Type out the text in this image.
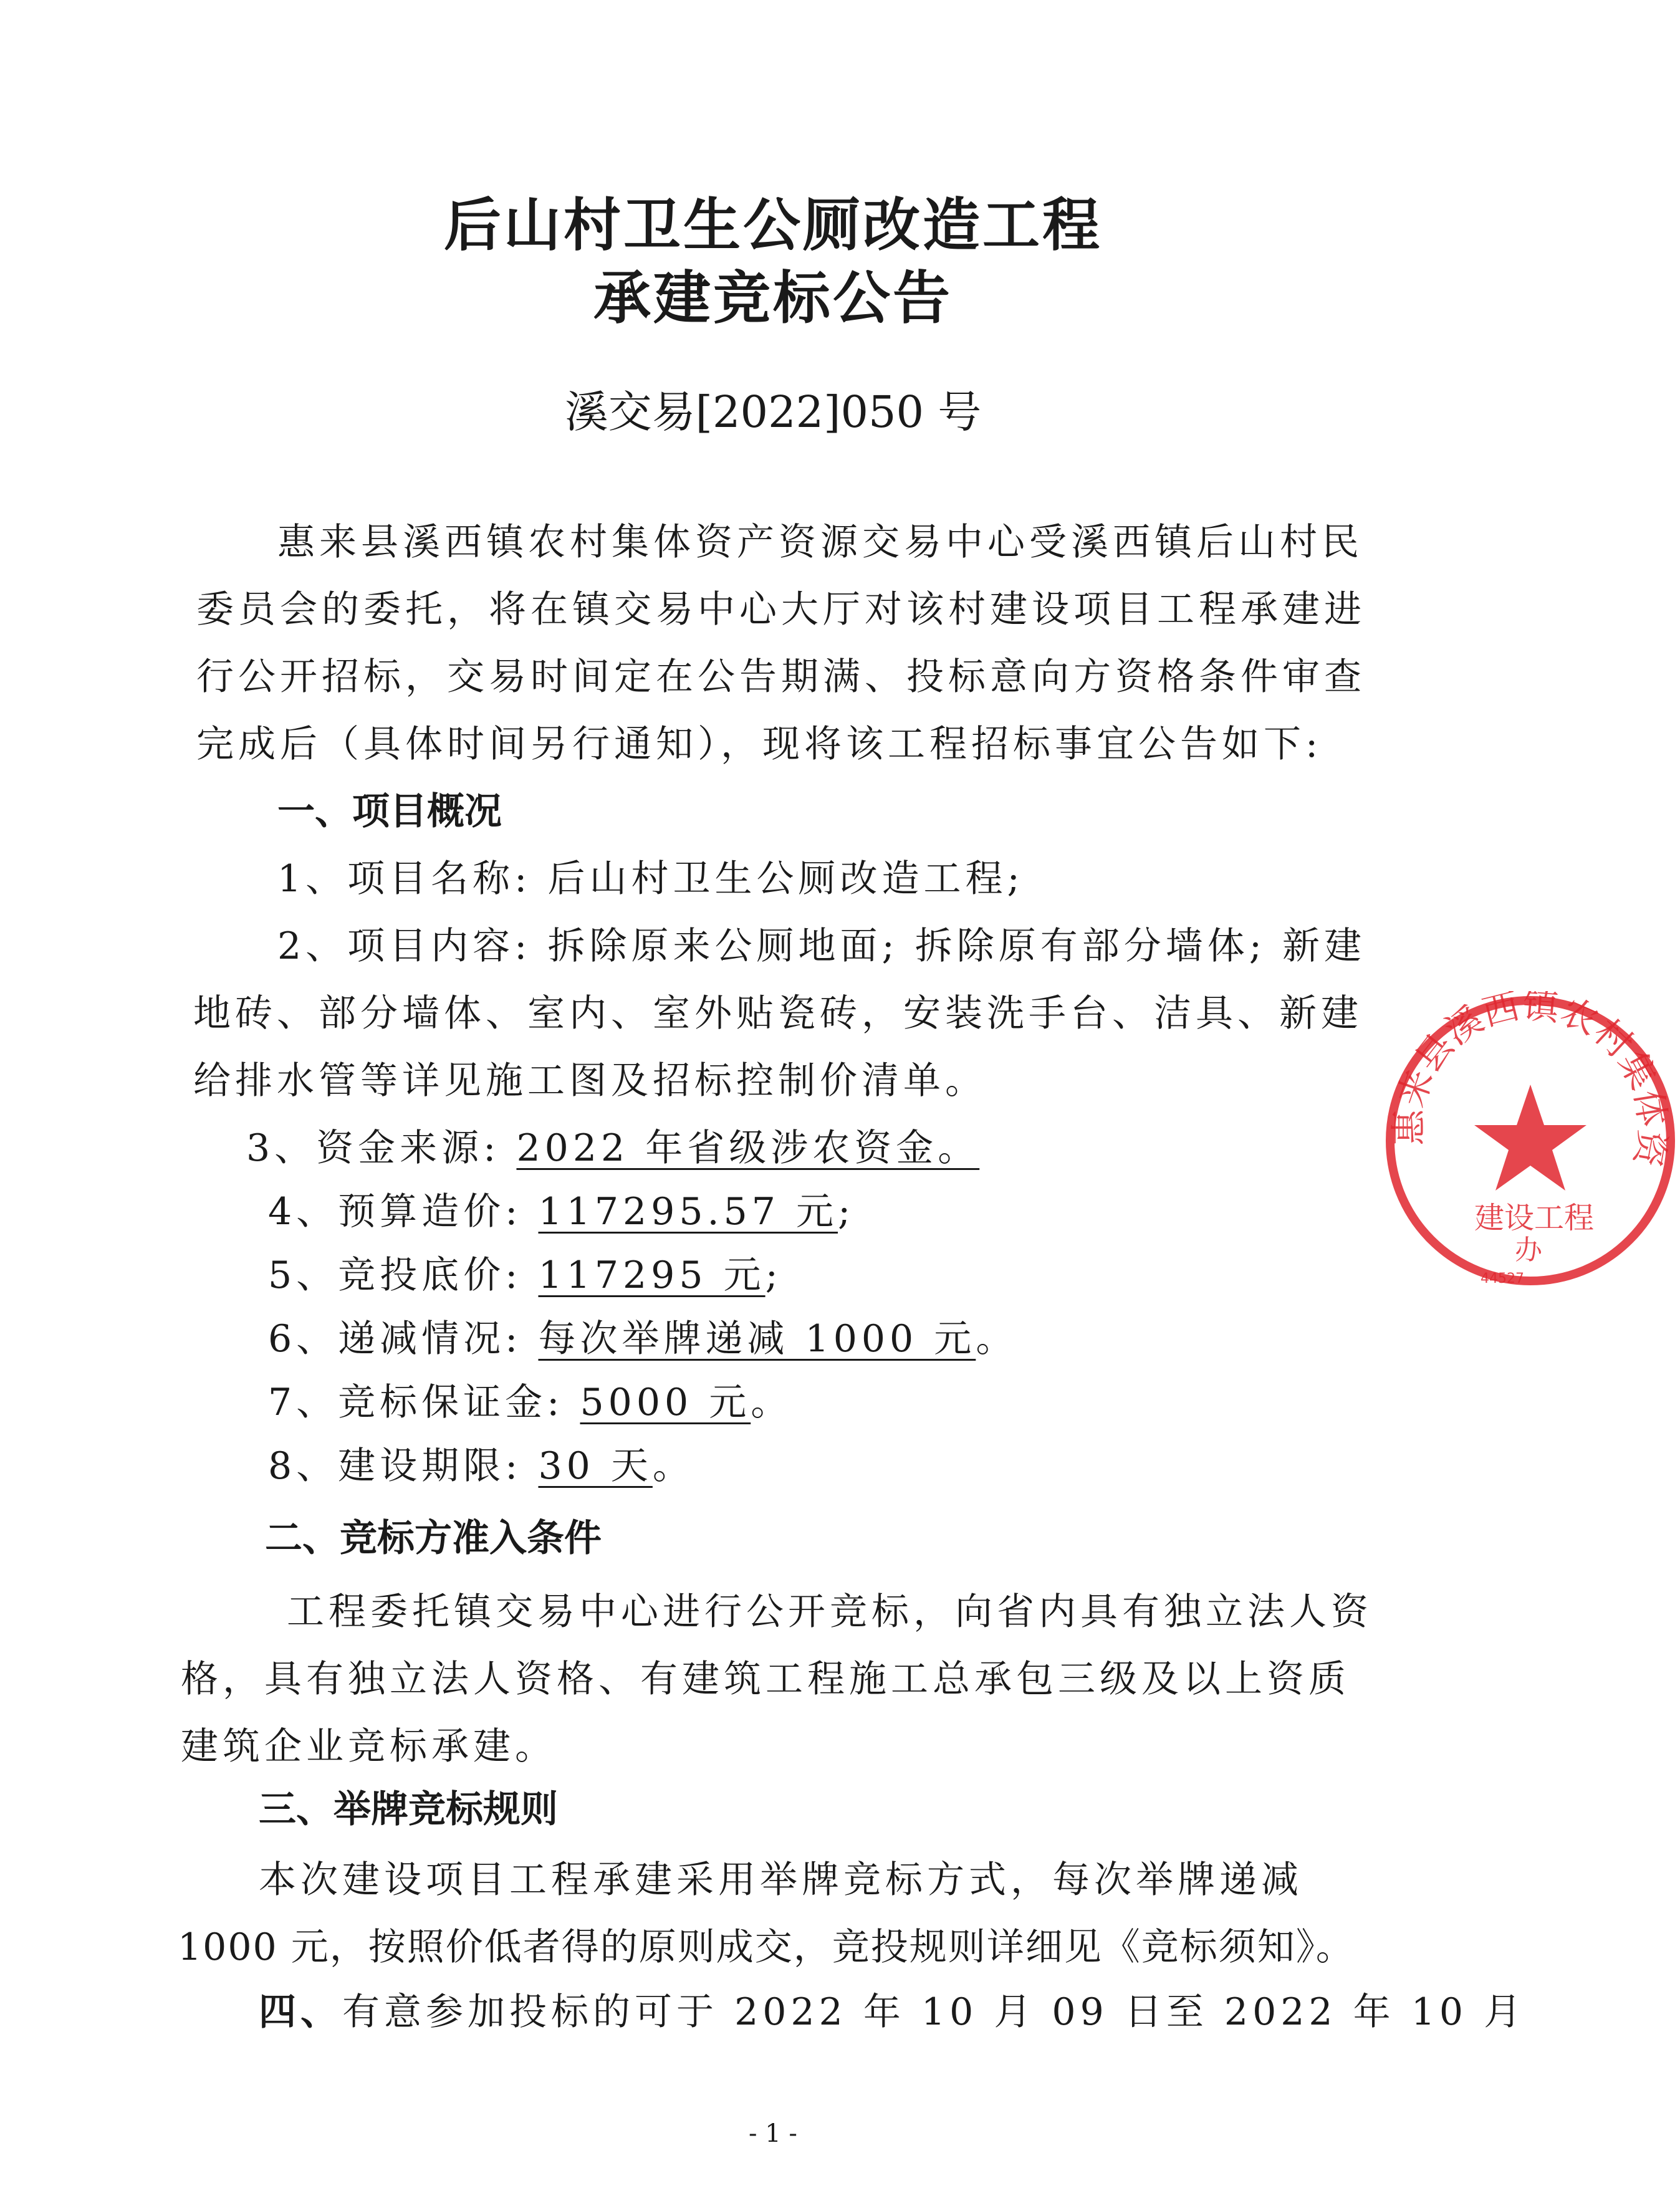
后山村卫生公厕改造工程
承建竞标公告
溪交易[2022]050 号
惠来县溪西镇农村集体资产资源交易中心受溪西镇后山村民
委员会的委托，将在镇交易中心大厅对该村建设项目工程承建进
行公开招标，交易时间定在公告期满、投标意向方资格条件审查
完成后（具体时间另行通知），现将该工程招标事宜公告如下:
一、项目概况
1、项目名称: 后山村卫生公厕改造工程;
2、项目内容: 拆除原来公厕地面; 拆除原有部分墙体; 新建
地砖、部分墙体、室内、室外贴瓷砖，安装洗手台、洁具、新建
给排水管等详见施工图及招标控制价清单。
3、资金来源: 2022 年省级涉农资金。
4、预算造价: 117295.57 元;
5、竞投底价: 117295 元;
6、递减情况: 每次举牌递减 1000 元。
7、竞标保证金: 5000 元。
8、建设期限: 30 天。
二、竞标方准入条件
工程委托镇交易中心进行公开竞标，向省内具有独立法人资
格，具有独立法人资格、有建筑工程施工总承包三级及以上资质
建筑企业竞标承建。
三、举牌竞标规则
本次建设项目工程承建采用举牌竞标方式，每次举牌递减
1000 元，按照价低者得的原则成交，竞投规则详细见《竞标须知》。
四、有意参加投标的可于 2022 年 10 月 09 日至 2022 年 10 月
惠来县溪西镇农村集体资
建设工程
办
44527
- 1 -
